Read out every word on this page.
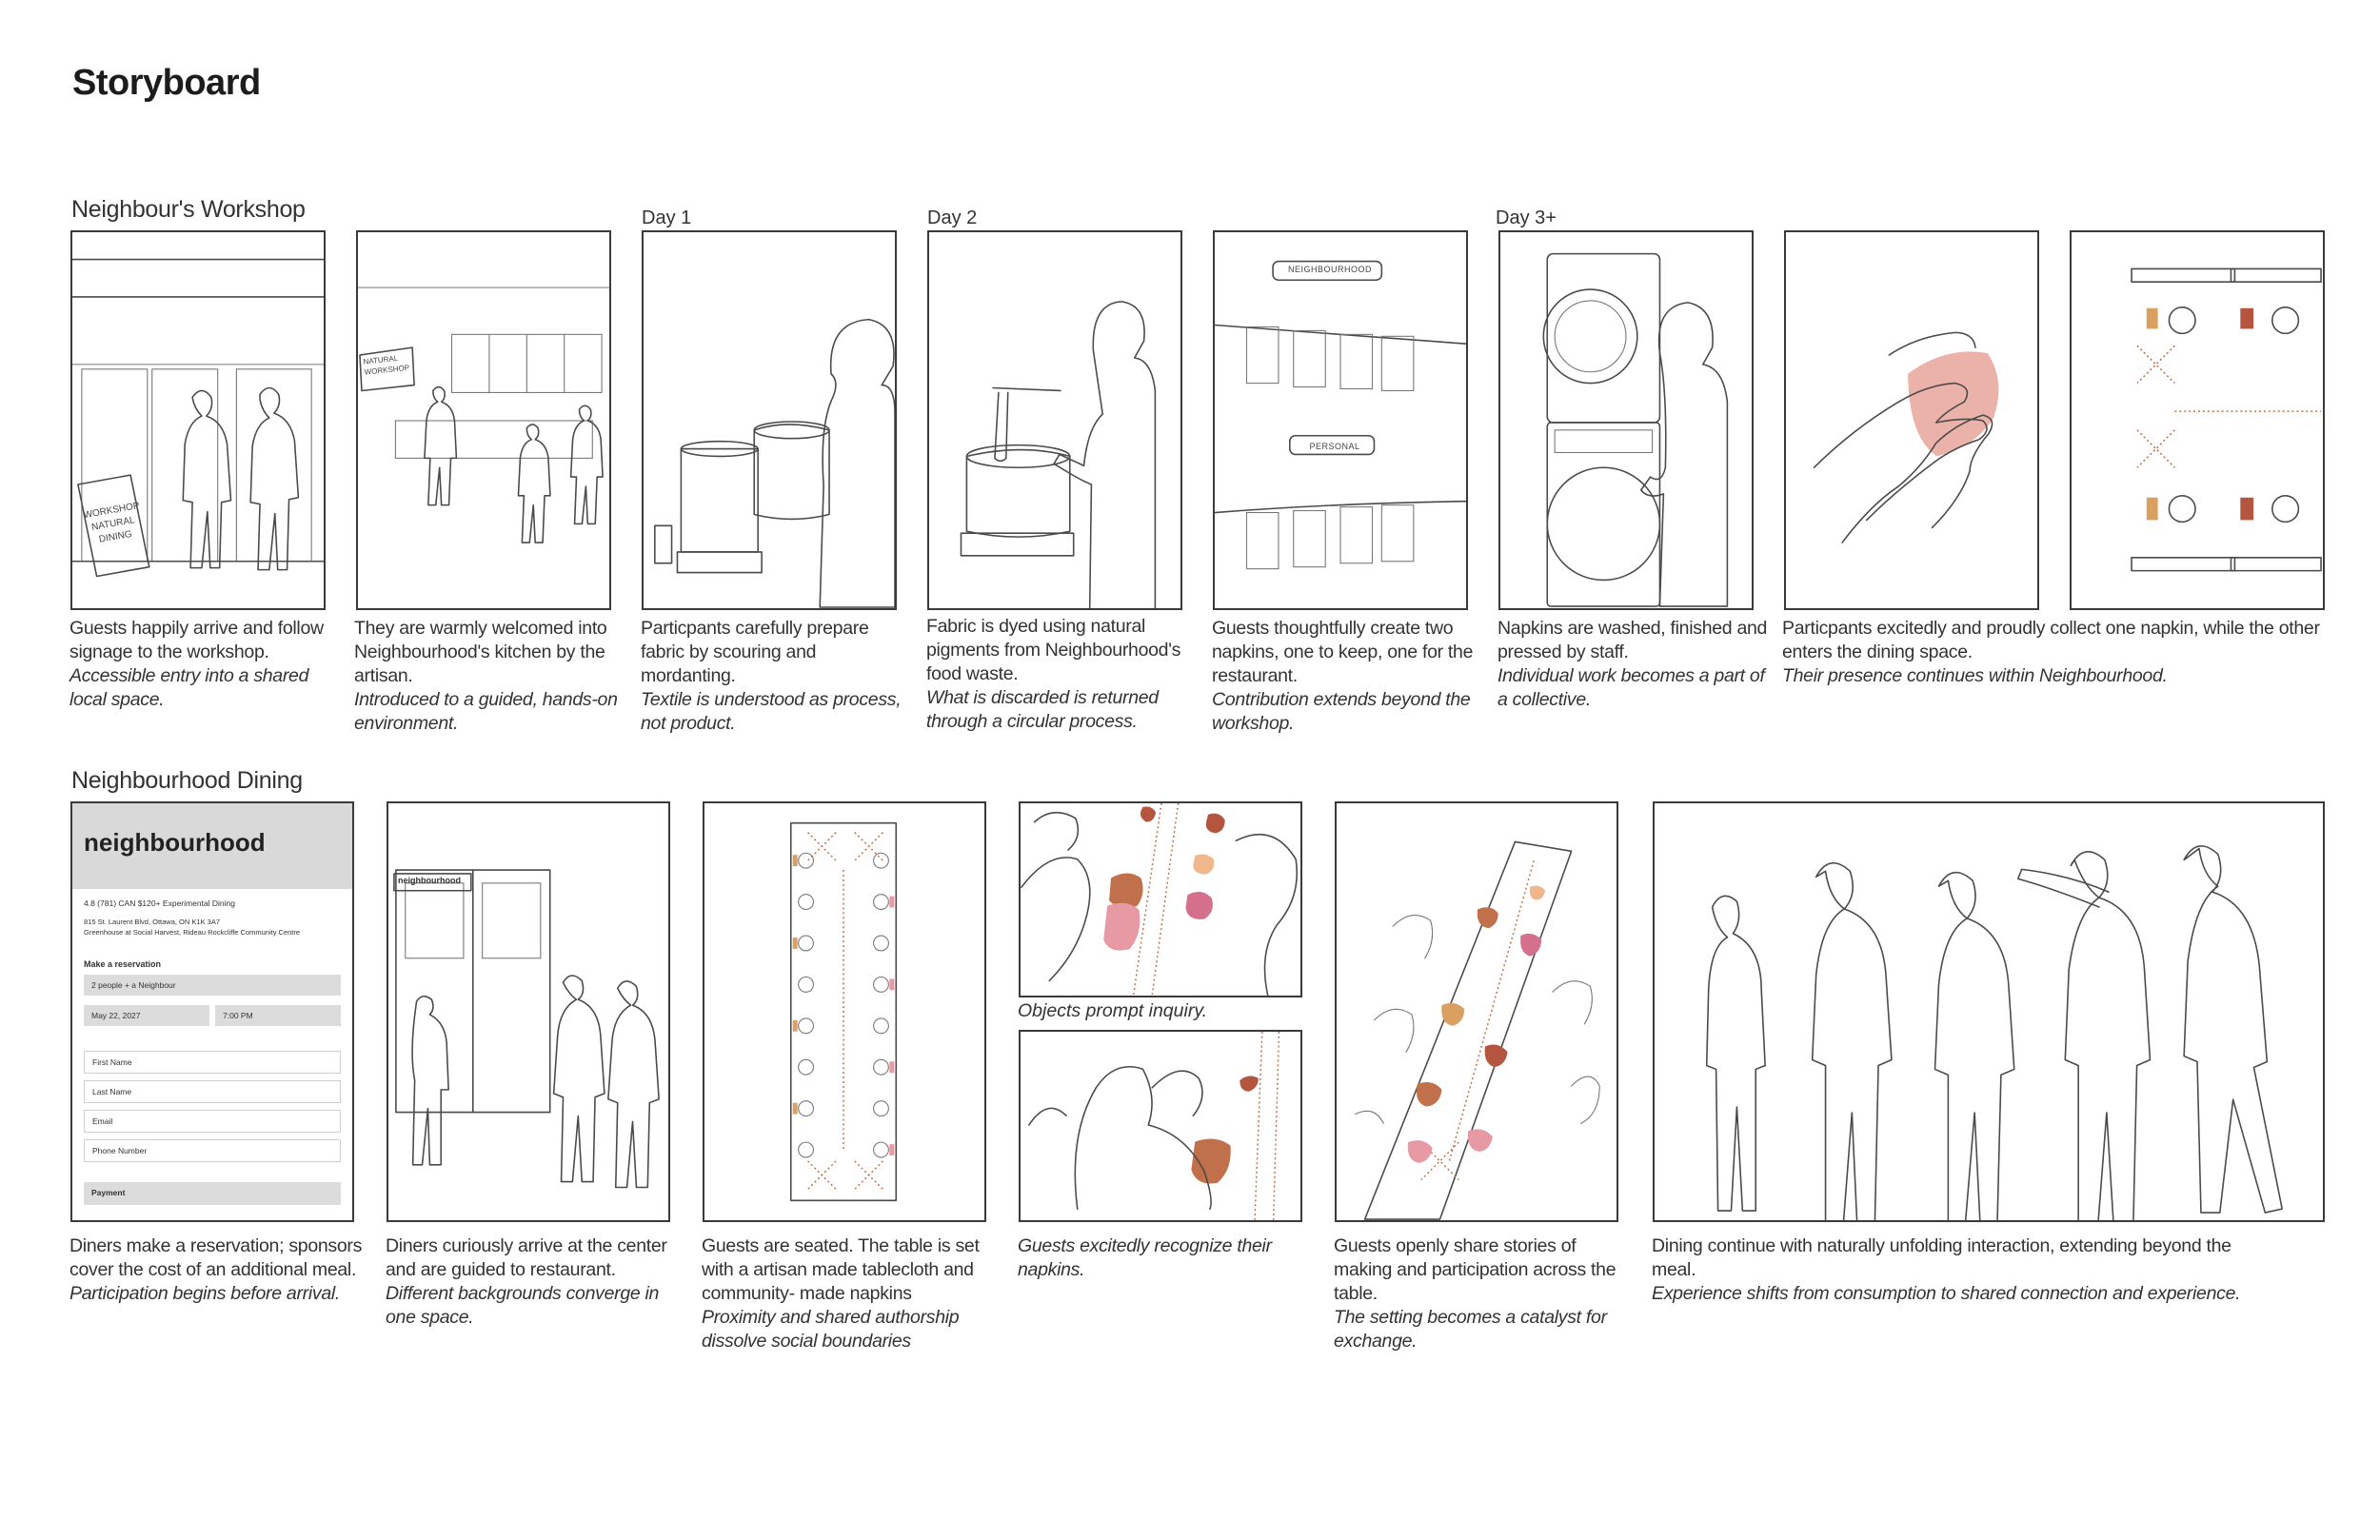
Storyboard
Neighbour's Workshop
Neighbourhood Dining
Day 1	Day 2	Day 3+
WORKSHOP NATURAL DINING
NATURAL WORKSHOP
NEIGHBOURHOOD
PERSONAL
Guests happily arrive and follow
signage to the workshop.
Accessible entry into a shared
local space.
They are warmly welcomed into
Neighbourhood's kitchen by the
artisan.
Introduced to a guided, hands-on
environment.
Particpants carefully prepare
fabric by scouring and
mordanting.
Textile is understood as process,
not product.
Fabric is dyed using natural
pigments from Neighbourhood's
food waste.
What is discarded is returned
through a circular process.
Guests thoughtfully create two
napkins, one to keep, one for the
restaurant.
Contribution extends beyond the
workshop.
Napkins are washed, finished and
pressed by staff.
Individual work becomes a part of
a collective.
Particpants excitedly and proudly collect one napkin, while the other
enters the dining space.
Their presence continues within Neighbourhood.
neighbourhood
4.8 (781) CAN $120+ Experimental Dining
815 St. Laurent Blvd, Ottawa, ON K1K 3A7
Greenhouse at Social Harvest, Rideau Rockcliffe Community Centre
Make a reservation
2 people + a Neighbour
May 22, 2027	7:00 PM
First Name
Last Name
Email
Phone Number
Payment
neighbourhood
Objects prompt inquiry.
Diners make a reservation; sponsors
cover the cost of an additional meal.
Participation begins before arrival.
Diners curiously arrive at the center
and are guided to restaurant.
Different backgrounds converge in
one space.
Guests are seated. The table is set
with a artisan made tablecloth and
community- made napkins
Proximity and shared authorship
dissolve social boundaries
Guests excitedly recognize their
napkins.
Guests openly share stories of
making and participation across the
table.
The setting becomes a catalyst for
exchange.
Dining continue with naturally unfolding interaction, extending beyond the
meal.
Experience shifts from consumption to shared connection and experience.
